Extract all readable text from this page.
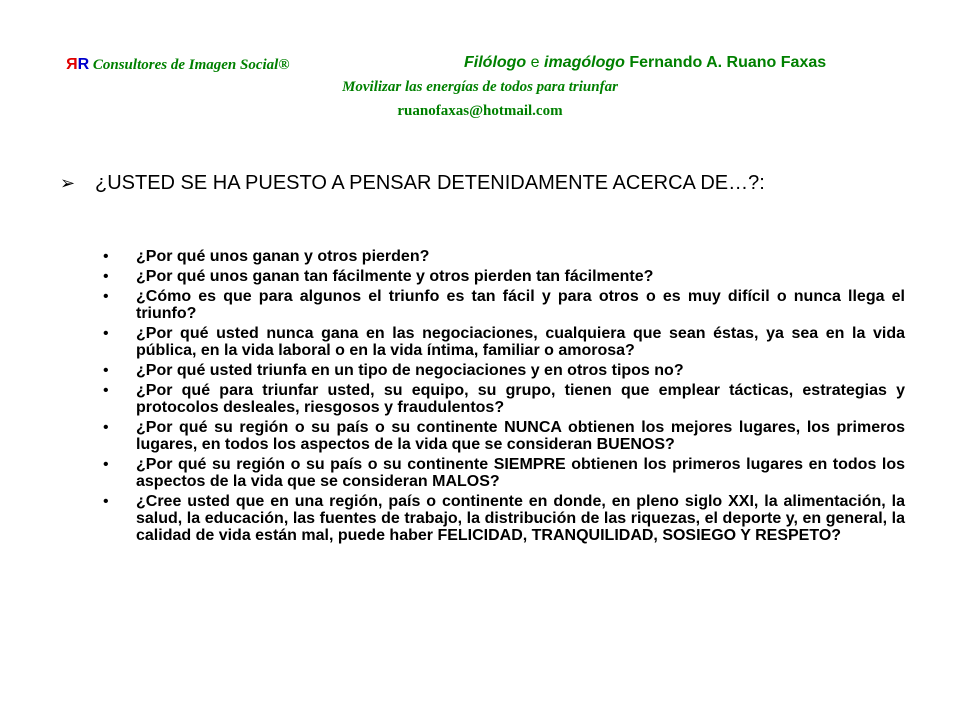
RR Consultores de Imagen Social®	Filólogo e imagólogo Fernando A. Ruano Faxas
Movilizar las energías de todos para triunfar
ruanofaxas@hotmail.com
➢ ¿USTED SE HA PUESTO A PENSAR DETENIDAMENTE ACERCA DE…?:
• ¿Por qué unos ganan y otros pierden?
• ¿Por qué unos ganan tan fácilmente y otros pierden tan fácilmente?
• ¿Cómo es que para algunos el triunfo es tan fácil y para otros o es muy difícil o nunca llega el triunfo?
• ¿Por qué usted nunca gana en las negociaciones, cualquiera que sean éstas, ya sea en la vida pública, en la vida laboral o en la vida íntima, familiar o amorosa?
• ¿Por qué usted triunfa en un tipo de negociaciones y en otros tipos no?
• ¿Por qué para triunfar usted, su equipo, su grupo, tienen que emplear tácticas, estrategias y protocolos desleales, riesgosos y fraudulentos?
• ¿Por qué su región o su país o su continente NUNCA obtienen los mejores lugares, los primeros lugares, en todos los aspectos de la vida que se consideran BUENOS?
• ¿Por qué su región o su país o su continente SIEMPRE obtienen los primeros lugares en todos los aspectos de la vida que se consideran MALOS?
• ¿Cree usted que en una región, país o continente en donde, en pleno siglo XXI, la alimentación, la salud, la educación, las fuentes de trabajo, la distribución de las riquezas, el deporte y, en general, la calidad de vida están mal, puede haber FELICIDAD, TRANQUILIDAD, SOSIEGO Y RESPETO?
